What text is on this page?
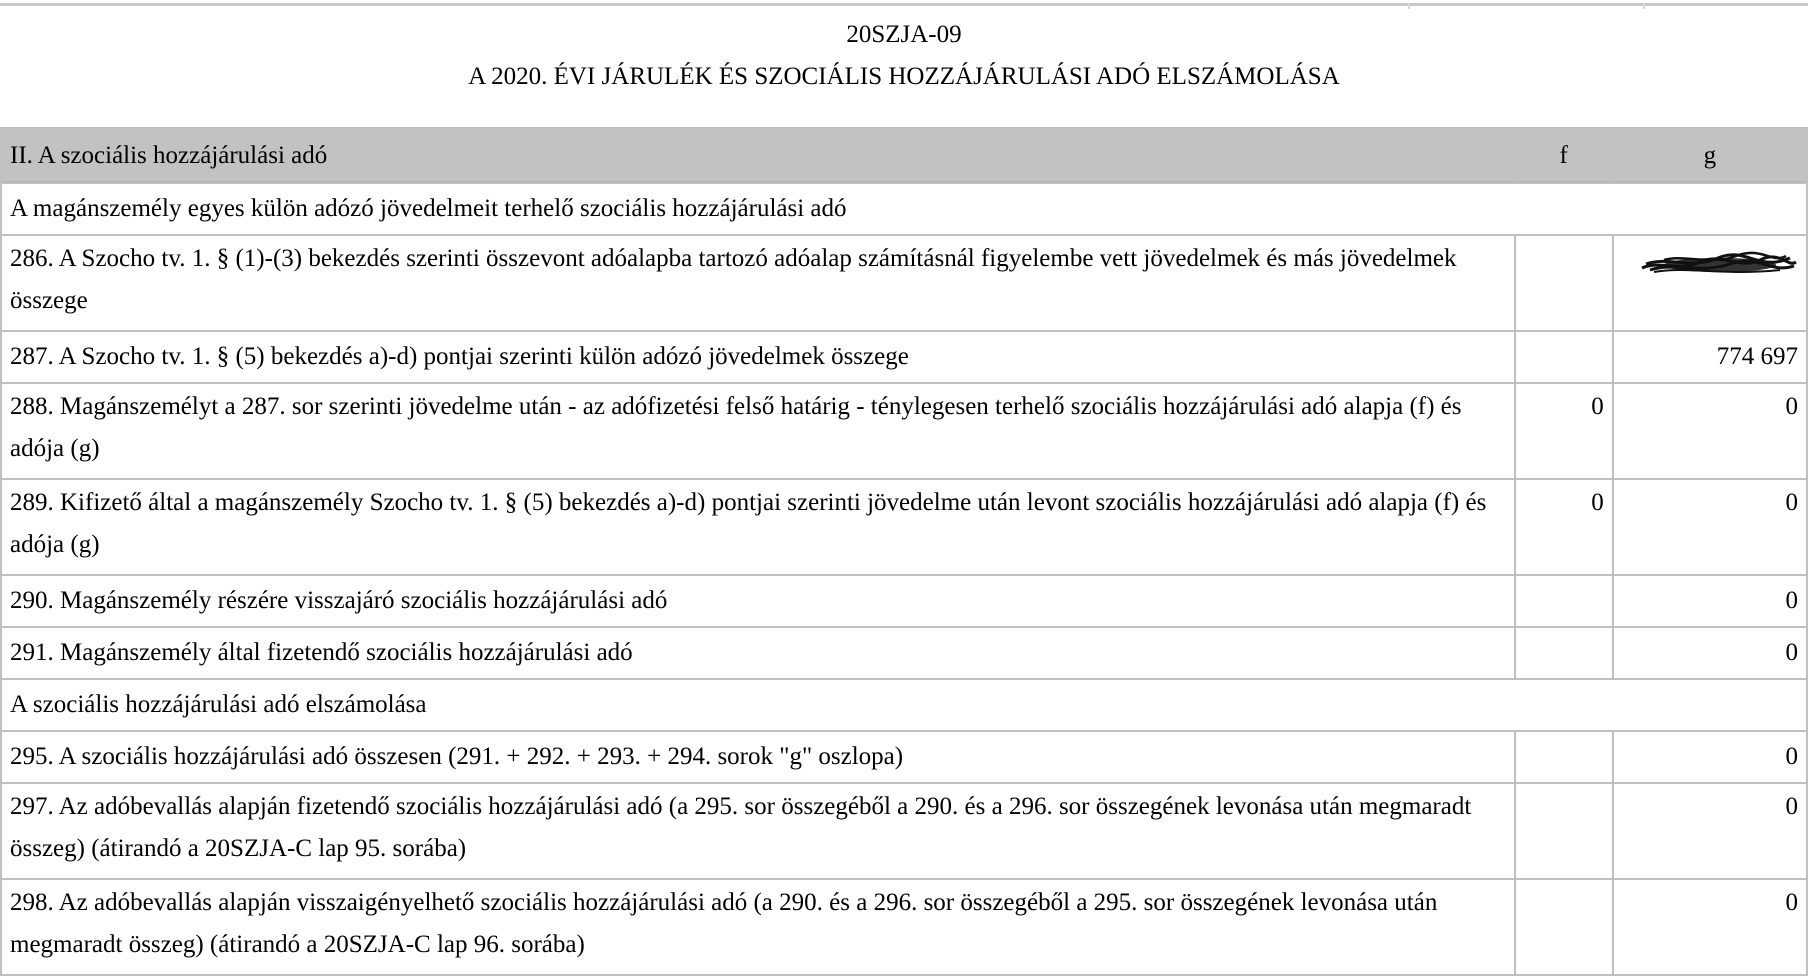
20SZJA-09
A 2020. ÉVI JÁRULÉK ÉS SZOCIÁLIS HOZZÁJÁRULÁSI ADÓ ELSZÁMOLÁSA
II. A szociális hozzájárulási adó	f	g
A magánszemély egyes külön adózó jövedelmeit terhelő szociális hozzájárulási adó		

286. A Szocho tv. 1. § (1)-(3) bekezdés szerinti összevont adóalapba tartozó adóalap számításnál figyelembe vett jövedelmek és más jövedelmek összege

287. A Szocho tv. 1. § (5) bekezdés a)-d) pontjai szerinti külön adózó jövedelmek összege		774 697

288. Magánszemélyt a 287. sor szerinti jövedelme után - az adófizetési felső határig - ténylegesen terhelő szociális hozzájárulási adó alapja (f) és adója (g)	0	0

289. Kifizető által a magánszemély Szocho tv. 1. § (5) bekezdés a)-d) pontjai szerinti jövedelme után levont szociális hozzájárulási adó alapja (f) és adója (g)	0	0
290. Magánszemély részére visszajáró szociális hozzájárulási adó		0
291. Magánszemély által fizetendő szociális hozzájárulási adó		0
A szociális hozzájárulási adó elszámolása		
295. A szociális hozzájárulási adó összesen (291. + 292. + 293. + 294. sorok "g" oszlopa)		0

297. Az adóbevallás alapján fizetendő szociális hozzájárulási adó (a 295. sor összegéből a 290. és a 296. sor összegének levonása után megmaradt összeg) (átirandó a 20SZJA-C lap 95. sorába)		0

298. Az adóbevallás alapján visszaigényelhető szociális hozzájárulási adó (a 290. és a 296. sor összegéből a 295. sor összegének levonása után megmaradt összeg) (átirandó a 20SZJA-C lap 96. sorába)		0
